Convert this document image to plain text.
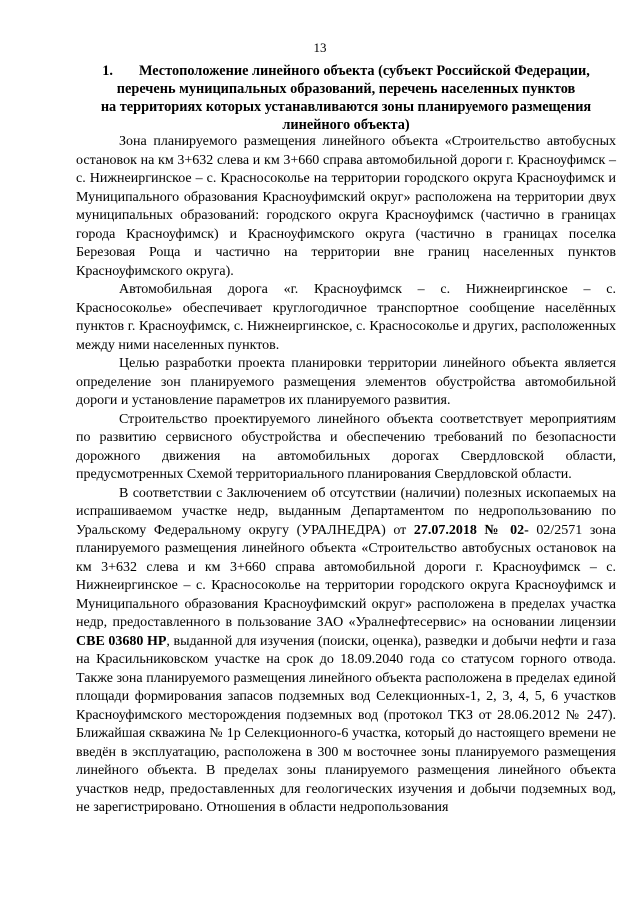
13
1. Местоположение линейного объекта (субъект Российской Федерации,
перечень муниципальных образований, перечень населенных пунктов
на территориях которых устанавливаются зоны планируемого размещения
линейного объекта)

Зона планируемого размещения линейного объекта «Строительство автобусных остановок на км 3+632 слева и км 3+660 справа автомобильной дороги г. Красноуфимск – с. Нижнеиргинское – с. Красносоколье на территории городского округа Красноуфимск и Муниципального образования Красноуфимский округ» расположена на территории двух муниципальных образований: городского округа Красноуфимск (частично в границах города Красноуфимск) и Красноуфимского округа (частично в границах поселка Березовая Роща и частично на территории вне границ населенных пунктов Красноуфимского округа).

Автомобильная дорога «г. Красноуфимск – с. Нижнеиргинское – с. Красносоколье» обеспечивает круглогодичное транспортное сообщение населённых пунктов г. Красноуфимск, с. Нижнеиргинское, с. Красносоколье и других, расположенных между ними населенных пунктов.

Целью разработки проекта планировки территории линейного объекта является определение зон планируемого размещения элементов обустройства автомобильной дороги и установление параметров их планируемого развития.

Строительство проектируемого линейного объекта соответствует мероприятиям по развитию сервисного обустройства и обеспечению требований по безопасности дорожного движения на автомобильных дорогах Свердловской области, предусмотренных Схемой территориального планирования Свердловской области.

В соответствии с Заключением об отсутствии (наличии) полезных ископаемых на испрашиваемом участке недр, выданным Департаментом по недропользованию по Уральскому Федеральному округу (УРАЛНЕДРА) от 27.07.2018 № 02- 02/2571 зона планируемого размещения линейного объекта «Строительство автобусных остановок на км 3+632 слева и км 3+660 справа автомобильной дороги г. Красноуфимск – с. Нижнеиргинское – с. Красносоколье на территории городского округа Красноуфимск и Муниципального образования Красноуфимский округ» расположена в пределах участка недр, предоставленного в пользование ЗАО «Уралнефтесервис» на основании лицензии СВЕ 03680 НР, выданной для изучения (поиски, оценка), разведки и добычи нефти и газа на Красильниковском участке на срок до 18.09.2040 года со статусом горного отвода. Также зона планируемого размещения линейного объекта расположена в пределах единой площади формирования запасов подземных вод Селекционных-1, 2, 3, 4, 5, 6 участков Красноуфимского месторождения подземных вод (протокол ТКЗ от 28.06.2012 № 247). Ближайшая скважина № 1р Селекционного-6 участка, который до настоящего времени не введён в эксплуатацию, расположена в 300 м восточнее зоны планируемого размещения линейного объекта. В пределах зоны планируемого размещения линейного объекта участков недр, предоставленных для геологических изучения и добычи подземных вод, не зарегистрировано. Отношения в области недропользования
